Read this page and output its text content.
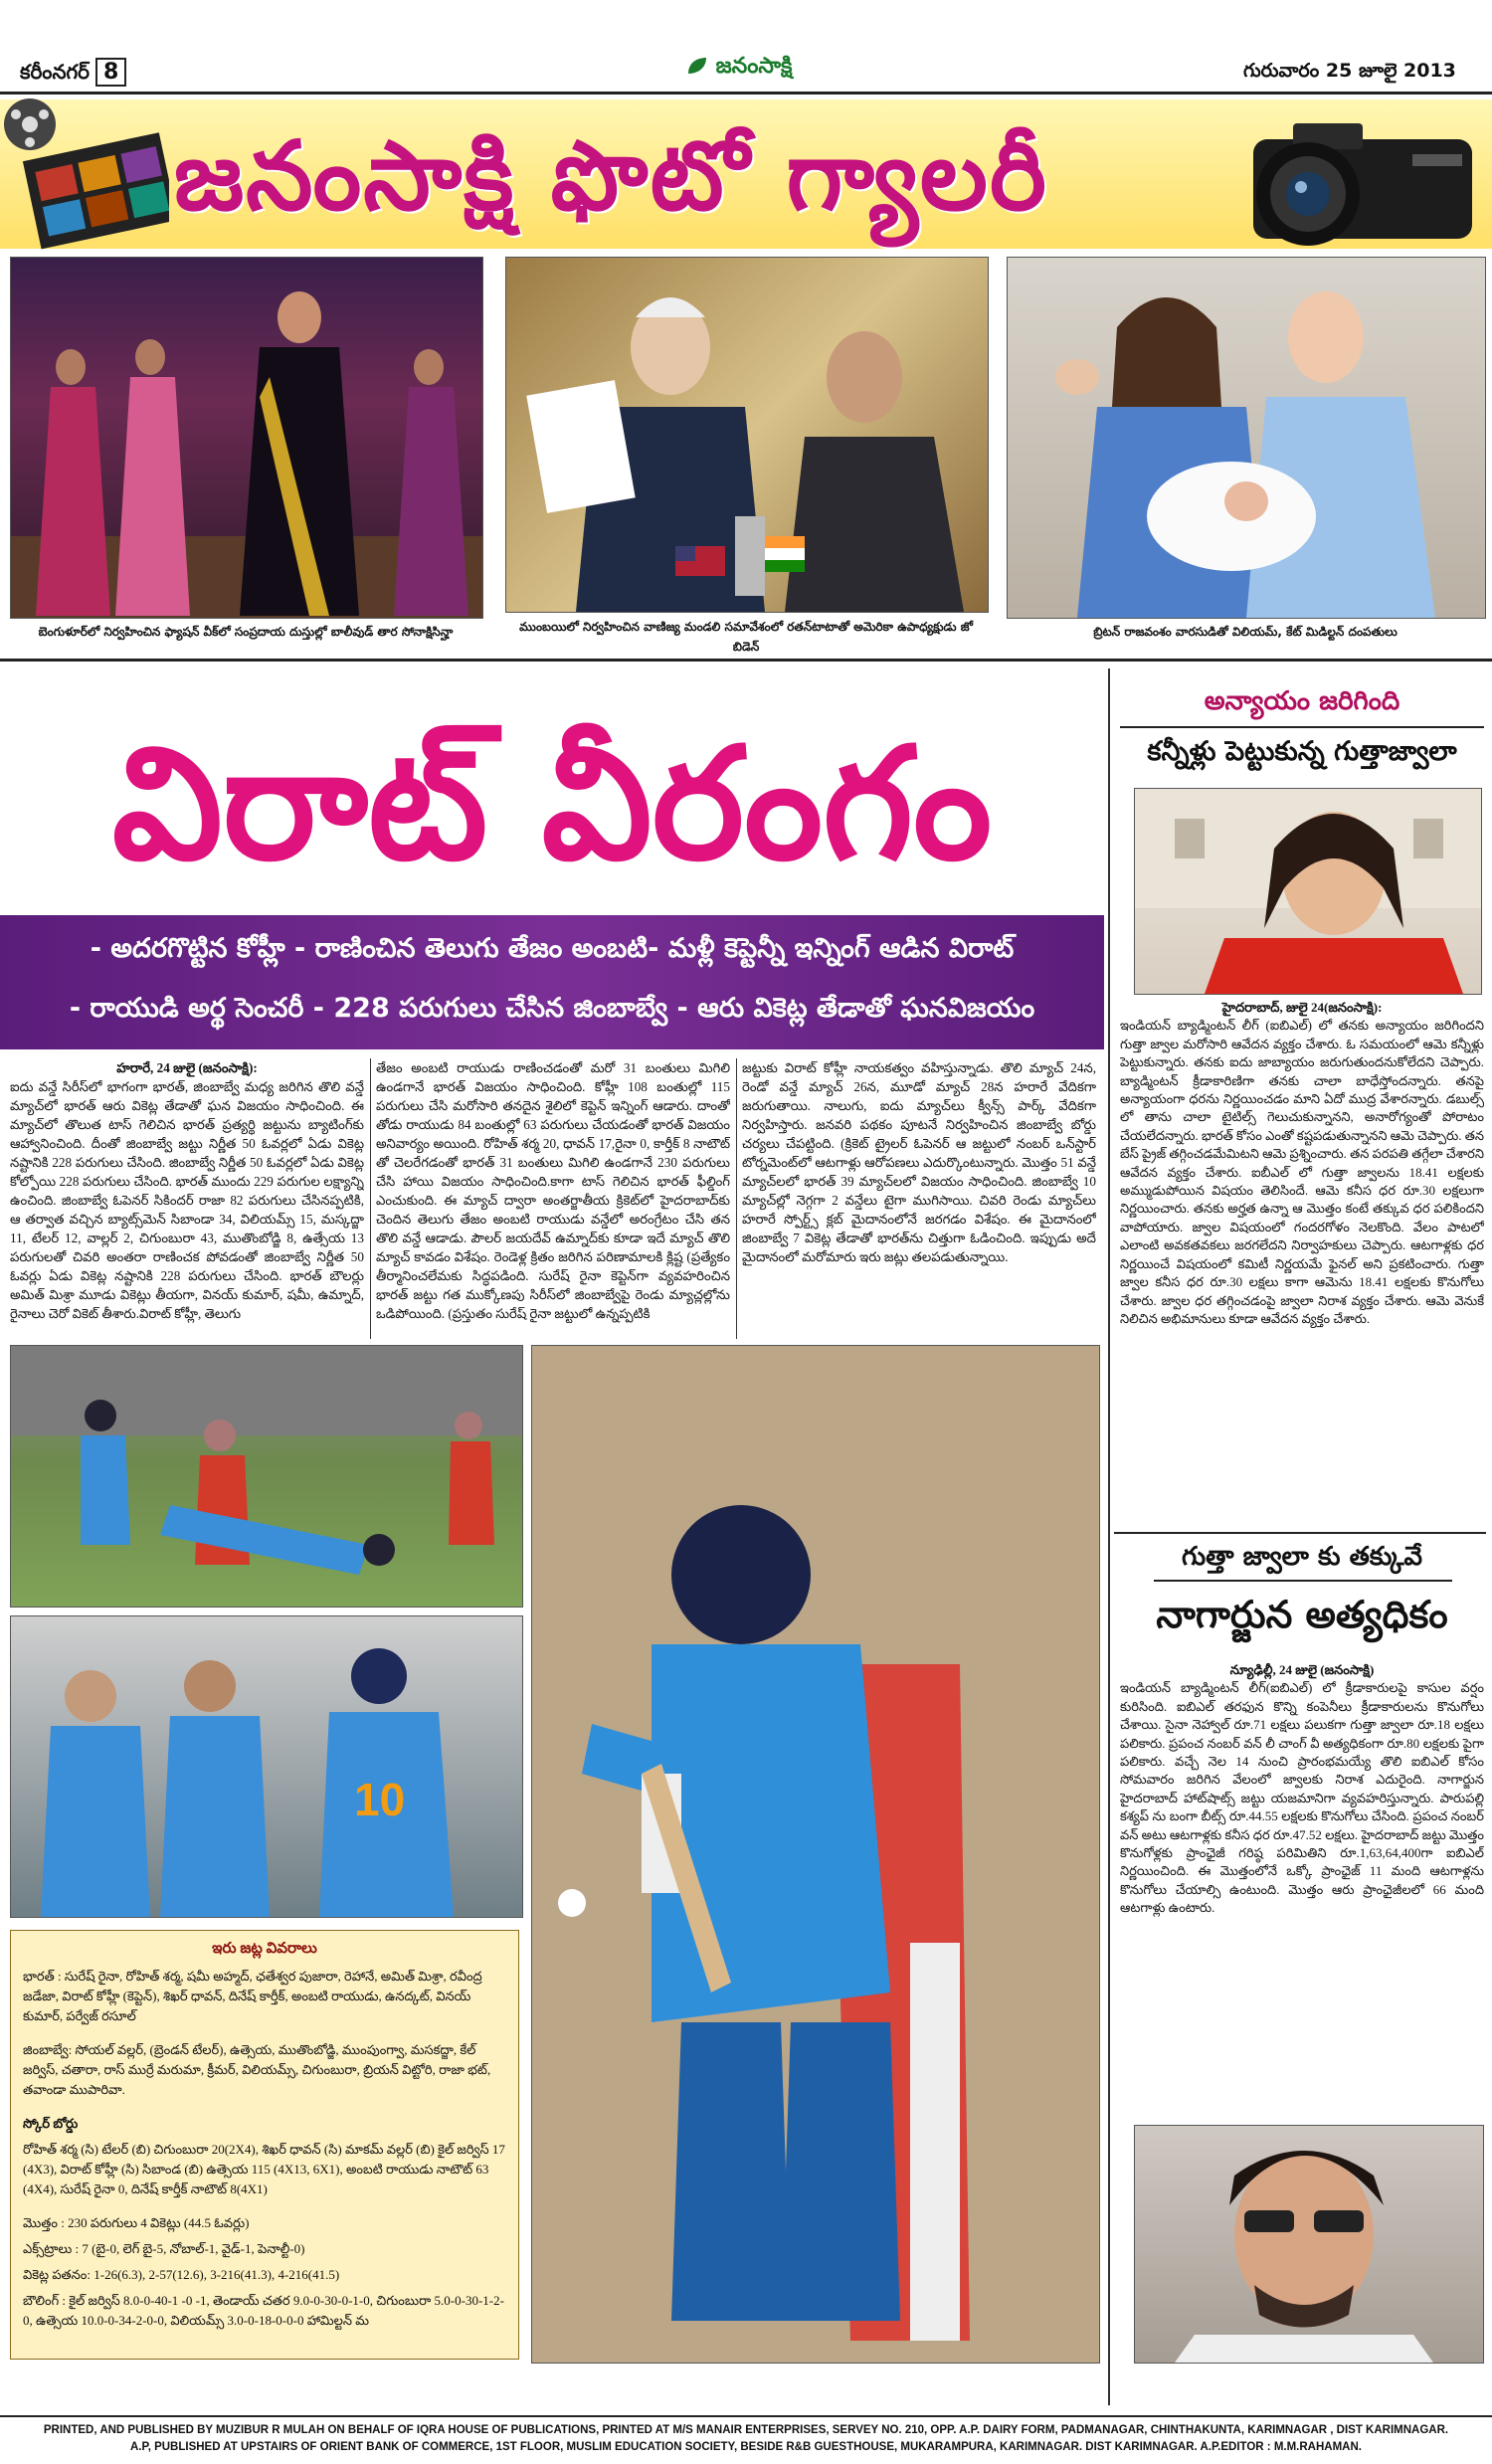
కరీంనగర్ 8	జనంసాక్షి	గురువారం 25 జూలై 2013
జనంసాక్షి ఫొటో గ్యాలరీ
బెంగుళూర్‌లో నిర్వహించిన ఫ్యాషన్ వీక్‌లో సంప్రదాయ దుస్తుల్లో బాలీవుడ్ తార సోనాక్షిసిన్హా	ముంబయిలో నిర్వహించిన వాణిజ్య మండలి సమావేశంలో రతన్‌టాటాతో అమెరికా ఉపాధ్యక్షుడు జో బిడెన్
బ్రిటన్ రాజవంశం వారసుడితో విలియమ్, కేట్ మిడిల్టన్ దంపతులు
విరాట్ వీరంగం
- అదరగొట్టిన కోహ్లీ - రాణించిన తెలుగు తేజం అంబటి- మళ్లీ కెప్టెన్నీ ఇన్నింగ్ ఆడిన విరాట్
- రాయుడి అర్థ సెంచరీ - 228 పరుగులు చేసిన జింబాబ్వే - ఆరు వికెట్ల తేడాతో ఘనవిజయం
హరారే, 24 జులై (జనంసాక్షి):
ఐదు వన్డే సిరీస్‌లో భాగంగా భారత్, జింబాబ్వే మధ్య జరిగిన తొలి వన్డే మ్యాచ్‌లో భారత్ ఆరు వికెట్ల తేడాతో ఘన విజయం సాధించింది. ఈ మ్యాచ్‌లో తొలుత టాస్ గెలిచిన భారత్ ప్రత్యర్థి జట్టును బ్యాటింగ్‌కు ఆహ్వానించింది. దీంతో జింబాబ్వే జట్టు నిర్ణీత 50 ఓవర్లలో ఏడు వికెట్ల నష్టానికి 228 పరుగులు చేసింది. జింబాబ్వే నిర్ణీత 50 ఓవర్లలో ఏడు వికెట్ల కోల్పోయి 228 పరుగులు చేసింది. భారత్ ముందు 229 పరుగుల లక్ష్యాన్ని ఉంచింది. జింబాబ్వే ఓపెనర్ సికిందర్ రాజా 82 పరుగులు చేసినప్పటికి, ఆ తర్వాత వచ్చిన బ్యాట్స్‌మెన్ సిబాండా 34, విలియమ్స్ 15, మస్కద్జా 11, టేలర్ 12, వాల్లర్ 2, చిగుంబురా 43, ముతొంబోడ్జి 8, ఉత్సేయ 13 పరుగులతో చివరి అంతరా రాణించక పోవడంతో జింబాబ్వే నిర్ణీత 50 ఓవర్లు ఏడు వికెట్ల నష్టానికి 228 పరుగులు చేసింది. భారత్ బౌలర్లు అమిత్ మిశ్రా మూడు వికెట్లు తీయగా, వినయ్ కుమార్, షమీ, ఉమ్నాద్, రైనాలు చెరో వికెట్ తీశారు.విరాట్ కోహ్లీ, తెలుగు
తేజం అంబటి రాయుడు రాణించడంతో మరో 31 బంతులు మిగిలి ఉండగానే భారత్ విజయం సాధించింది. కోహ్లీ 108 బంతుల్లో 115 పరుగులు చేసి మరోసారి తనదైన శైలిలో కెప్టెన్ ఇన్నింగ్ ఆడారు. దాంతో తోడు రాయుడు 84 బంతుల్లో 63 పరుగులు చేయడంతో భారత్ విజయం అనివార్యం అయింది. రోహిత్ శర్మ 20, ధావన్ 17,రైనా 0, కార్తీక్ 8 నాటౌట్ తో చెలరేగడంతో భారత్ 31 బంతులు మిగిలి ఉండగానే 230 పరుగులు చేసి హాయి విజయం సాధించింది.కాగా టాస్ గెలిచిన భారత్ ఫీల్డింగ్ ఎంచుకుంది. ఈ మ్యాచ్ ద్వారా అంతర్జాతీయ క్రికెట్‌లో హైదరాబాద్‌కు చెందిన తెలుగు తేజం అంబటి రాయుడు వన్డేలో అరంగ్రేటం చేసి తన తొలి వన్డే ఆడాడు. పౌలర్ జయదేవ్ ఉమ్నాద్‌కు కూడా ఇదే మ్యాచ్ తొలి మ్యాచ్ కావడం విశేషం. రెండెళ్ల క్రితం జరిగిన పరిణామాలకి క్లిష్ట (ప్రత్యేకం తీర్మానించలేమకు సిద్ధపడింది. సురేష్ రైనా కెప్టెన్‌గా వ్యవహరించిన భారత్ జట్టు గత ముక్కోణపు సిరీస్‌లో జింబాబ్వేపై రెండు మ్యాచ్లల్లోను ఒడిపోయింది. (ప్రస్తుతం సురేష్ రైనా జట్టులో ఉన్నప్పటికి
జట్టుకు విరాట్ కోహ్లీ నాయకత్వం వహిస్తున్నాడు. తొలి మ్యాచ్ 24న, రెండో వన్డే మ్యాచ్ 26న, మూడో మ్యాచ్ 28న హరారే వేదికగా జరుగుతాయి. నాలుగు, ఐదు మ్యాచ్‌లు క్వీన్స్ పార్క్ వేదికగా నిర్వహిస్తారు. జనవరి పథకం పూటనే నిర్వహించిన జింబాబ్వే బోర్డు చర్యలు చేపట్టింది. (క్రికెట్ ట్రైలర్ ఓపెనర్ ఆ జట్టులో నంబర్ ఒన్‌స్టార్ టోర్నమెంట్‌లో ఆటగాళ్లు ఆరోపణలు ఎదుర్కొంటున్నారు. మొత్తం 51 వన్డే మ్యాచ్‌లలో భారత్ 39 మ్యాచ్‌లలో విజయం సాధించింది. జింబాబ్వే 10 మ్యాచ్‌ల్లో నెగ్గగా 2 వన్డేలు టైగా ముగిసాయి. చివరి రెండు మ్యాచ్‌లు హరారే స్పోర్ట్స్ క్లబ్ మైదానంలోనే జరగడం విశేషం. ఈ మైదానంలో జింబాబ్వే 7 వికెట్ల తేడాతో భారత్‌ను చిత్తుగా ఓడించింది. ఇప్పుడు అదే మైదానంలో మరోమారు ఇరు జట్లు తలపడుతున్నాయి.
10
ఇరు జట్ల వివరాలు

భారత్ : సురేష్ రైనా, రోహిత్ శర్మ, షమీ అహ్మద్, ఛతేశ్వర పుజారా, రెహానే, అమిత్ మిశ్రా, రవీంద్ర జడేజా, విరాట్ కోహ్లీ (కెప్టెన్), శిఖర్ ధావన్, దినేష్ కార్తీక్, అంబటి రాయుడు, ఉనద్కట్, వినయ్ కుమార్, పర్వేజ్ రసూల్

జింబాబ్వే: సోయల్ వల్లర్, (బ్రెండన్ టేలర్), ఉత్సెయ, ముతొంబోడ్జి, ముంపుంగ్వా, మసకద్జా, కేల్ జర్విస్‌, చతారా, రాస్ ముర్రే మరుమా, క్రీమర్, విలియమ్స్, చిగుంబురా, బ్రియన్ విట్టోరి, రాజా భట్, తవాండా ముపారివా.

స్కోర్ బోర్డు

రోహిత్ శర్మ (సి) టేలర్ (బి) చిగుంబురా 20(2X4), శిఖర్ ధావన్ (సి) మాకమ్ వల్లర్ (బి) కైల్ జర్విస్ 17 (4X3), విరాట్ కోహ్లీ (సి) సిబాండ (బి) ఉత్సెయ 115 (4X13, 6X1), అంబటి రాయుడు నాటౌట్ 63 (4X4), సురేష్ రైనా 0, దినేష్ కార్తీక్ నాటౌట్ 8(4X1)

మొత్తం : 230 పరుగులు 4 వికెట్లు (44.5 ఓవర్లు)

ఎక్స్‌ట్రాలు : 7 (బై-0, లెగ్ బై-5, నోబాల్-1, వైడ్-1, పెనాల్టీ-0)

వికెట్ల పతనం: 1-26(6.3), 2-57(12.6), 3-216(41.3), 4-216(41.5)

బౌలింగ్ : కైల్ జర్విస్ 8.0-0-40-1 -0 -1, తెండాయ్ చతర 9.0-0-30-0-1-0, చిగుంబురా 5.0-0-30-1-2-0, ఉత్సెయ 10.0-0-34-2-0-0, విలియమ్స్ 3.0-0-18-0-0-0 హామిల్టన్ మ

అన్యాయం జరిగింది
కన్నీళ్లు పెట్టుకున్న గుత్తాజ్వాలా
హైదరాబాద్, జులై 24(జనంసాక్షి):
ఇండియన్ బ్యాడ్మింటన్ లీగ్ (ఐబిఎల్) లో తనకు అన్యాయం జరిగిందని గుత్తా జ్వాల మరోసారి ఆవేదన వ్యక్తం చేశారు. ఓ సమయంలో ఆమె కన్నీళ్లు పెట్టుకున్నారు. తనకు ఐదు జాబ్యాయం జరుగుతుందనుకోలేదని చెప్పారు. బ్యాడ్మింటన్ క్రీడాకారిణిగా తనకు చాలా బాధేస్తోందన్నారు. తనపై అన్యాయంగా ధరను నిర్ణయించడం మాని ఏదో ముద్ర వేశారన్నారు. డబుల్స్ లో తాను చాలా టైటిల్స్ గెలుచుకున్నానని, అనారోగ్యంతో పోరాటం చేయలేదన్నారు. భారత్ కోసం ఎంతో కష్టపడుతున్నానని ఆమె చెప్పారు. తన బేస్ ప్రైజ్ తగ్గించడమేమిటని ఆమె ప్రశ్నించారు. తన పరపతి తగ్గేలా చేశారని ఆవేదన వ్యక్తం చేశారు. ఐబీఎల్ లో గుత్తా జ్వాలను 18.41 లక్షలకు అమ్ముడుపోయిన విషయం తెలిసిందే. ఆమె కనీస ధర రూ.30 లక్షలుగా నిర్ణయించారు. తనకు అర్హత ఉన్నా ఆ మొత్తం కంటే తక్కువ ధర పలికిందని వాపోయారు. జ్వాల విషయంలో గందరగోళం నెలకొంది. వేలం పాటలో ఎలాంటి అవకతవకలు జరగలేదని నిర్వాహకులు చెప్పారు. ఆటగాళ్లకు ధర నిర్ణయించే విషయంలో కమిటీ నిర్ణయమే ఫైనల్ అని ప్రకటించారు. గుత్తా జ్వాల కనీస ధర రూ.30 లక్షలు కాగా ఆమెను 18.41 లక్షలకు కొనుగోలు చేశారు. జ్వాల ధర తగ్గించడంపై జ్వాలా నిరాశ వ్యక్తం చేశారు. ఆమె వెనుకే నిలిచిన అభిమానులు కూడా ఆవేదన వ్యక్తం చేశారు.
గుత్తా జ్వాలా కు తక్కువే
నాగార్జున అత్యధికం
న్యూఢిల్లీ, 24 జులై (జనంసాక్షి)
ఇండియన్ బ్యాడ్మింటన్ లీగ్(ఐబిఎల్) లో క్రీడాకారులపై కాసుల వర్షం కురిసింది. ఐబిఎల్ తరఫున కొన్ని కంపెనీలు క్రీడాకారులను కొనుగోలు చేశాయి. సైనా నెహ్వాల్ రూ.71 లక్షలు పలుకగా గుత్తా జ్వాలా రూ.18 లక్షలు పలికారు. ప్రపంచ నంబర్ వన్ లీ చాంగ్ వీ అత్యధికంగా రూ.80 లక్షలకు పైగా పలికారు. వచ్చే నెల 14 నుంచి ప్రారంభమయ్యే తొలి ఐబిఎల్ కోసం సోమవారం జరిగిన వేలంలో జ్వాలకు నిరాశ ఎదురైంది. నాగార్జున హైదరాబాద్ హాట్‌షాట్స్ జట్టు యజమానిగా వ్యవహరిస్తున్నారు. పారుపల్లి కశ్యప్ ను బంగా బీట్స్ రూ.44.55 లక్షలకు కొనుగోలు చేసింది. ప్రపంచ నంబర్ వన్ అటు ఆటగాళ్లకు కనీస ధర రూ.47.52 లక్షలు. హైదరాబాద్ జట్టు మొత్తం కొనుగోళ్లకు ప్రాంఛైజీ గరిష్ఠ పరిమితిని రూ.1,63,64,400గా ఐబిఎల్ నిర్ణయించింది. ఈ మొత్తంలోనే ఒక్కో ప్రాంఛైజ్ 11 మంది ఆటగాళ్లను కొనుగోలు చేయాల్సి ఉంటుంది. మొత్తం ఆరు ప్రాంఛైజీలలో 66 మంది ఆటగాళ్లు ఉంటారు.
PRINTED, AND PUBLISHED BY MUZIBUR R MULAH ON BEHALF OF IQRA HOUSE OF PUBLICATIONS, PRINTED AT M/S MANAIR ENTERPRISES, SERVEY NO. 210, OPP. A.P. DAIRY FORM, PADMANAGAR, CHINTHAKUNTA, KARIMNAGAR , DIST KARIMNAGAR.
A.P, PUBLISHED AT UPSTAIRS OF ORIENT BANK OF COMMERCE, 1ST FLOOR, MUSLIM EDUCATION SOCIETY, BESIDE R&B GUESTHOUSE, MUKARAMPURA, KARIMNAGAR. DIST KARIMNAGAR. A.P.EDITOR : M.M.RAHAMAN.
